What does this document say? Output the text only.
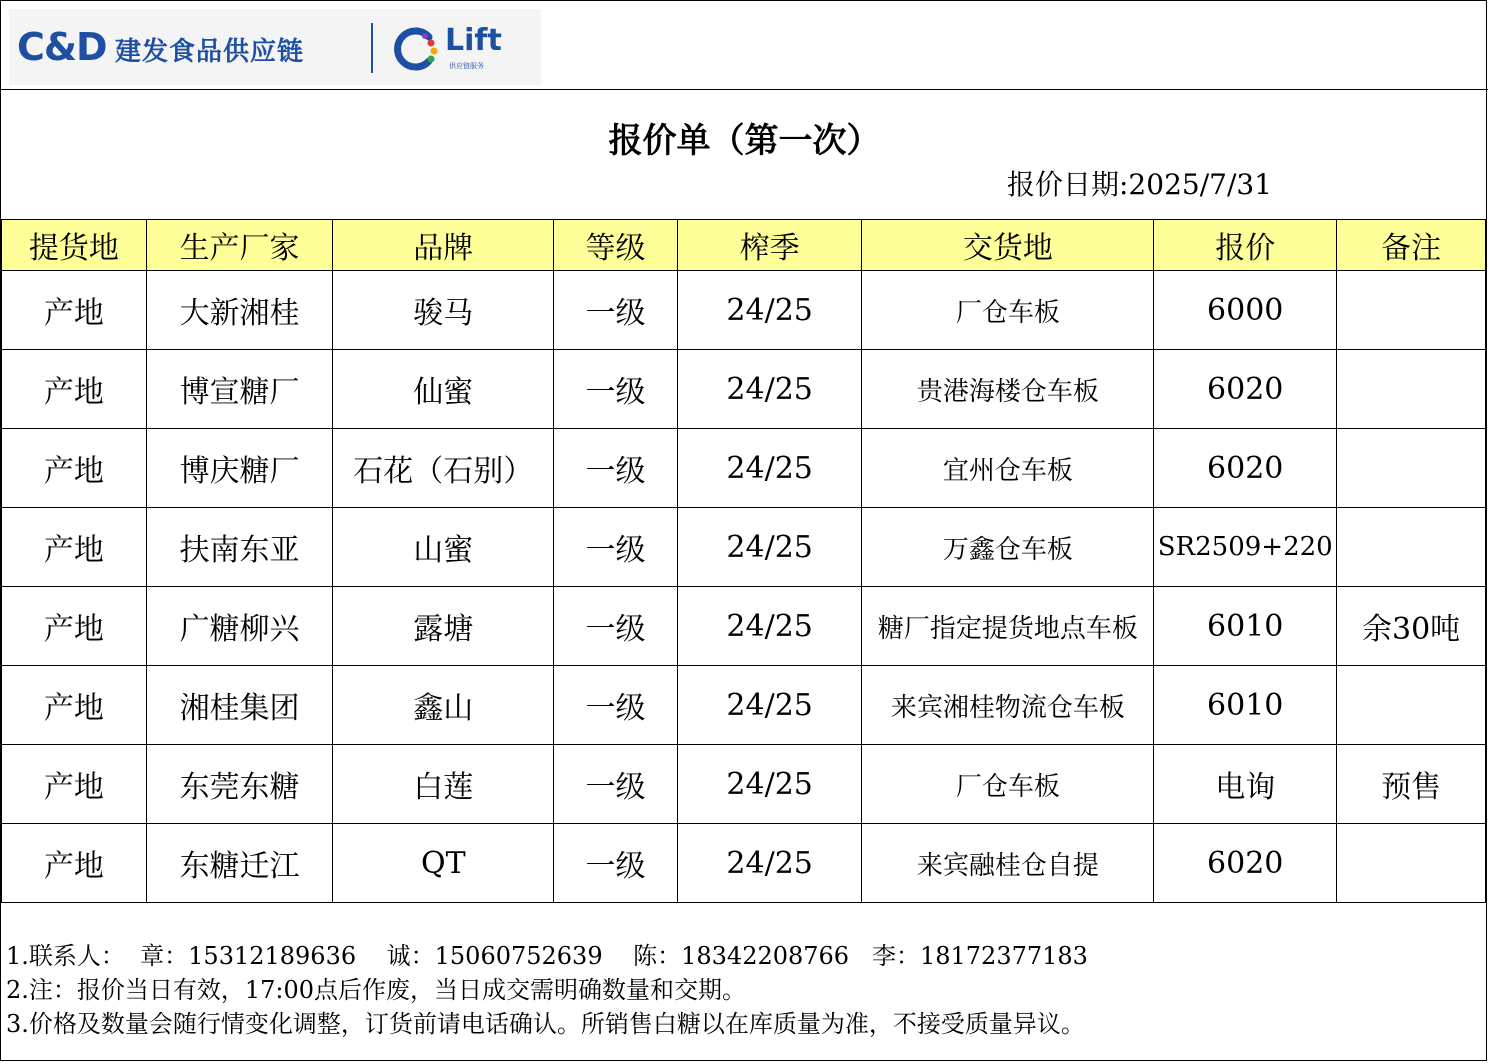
C&D 建发食品供应链	Lift
供应链服务
报价单（第一次）
报价日期:2025/7/31
提货地	生产厂家	品牌	等级	榨季	交货地	报价	备注
产地	大新湘桂	骏马	一级	24/25	厂仓车板	6000	
产地	博宣糖厂	仙蜜	一级	24/25	贵港海楼仓车板	6020	
产地	博庆糖厂	石花（石别）	一级	24/25	宜州仓车板	6020	
产地	扶南东亚	山蜜	一级	24/25	万鑫仓车板	SR2509+220	
产地	广糖柳兴	露塘	一级	24/25	糖厂指定提货地点车板	6010	余30吨
产地	湘桂集团	鑫山	一级	24/25	来宾湘桂物流仓车板	6010	
产地	东莞东糖	白莲	一级	24/25	厂仓车板	电询	预售
产地	东糖迁江	QT	一级	24/25	来宾融桂仓自提	6020	
1.联系人：  章：15312189636    诚：15060752639    陈：18342208766   李：18172377183
2.注：报价当日有效，17:00点后作废，当日成交需明确数量和交期。
3.价格及数量会随行情变化调整，订货前请电话确认。所销售白糖以在库质量为准，不接受质量异议。
